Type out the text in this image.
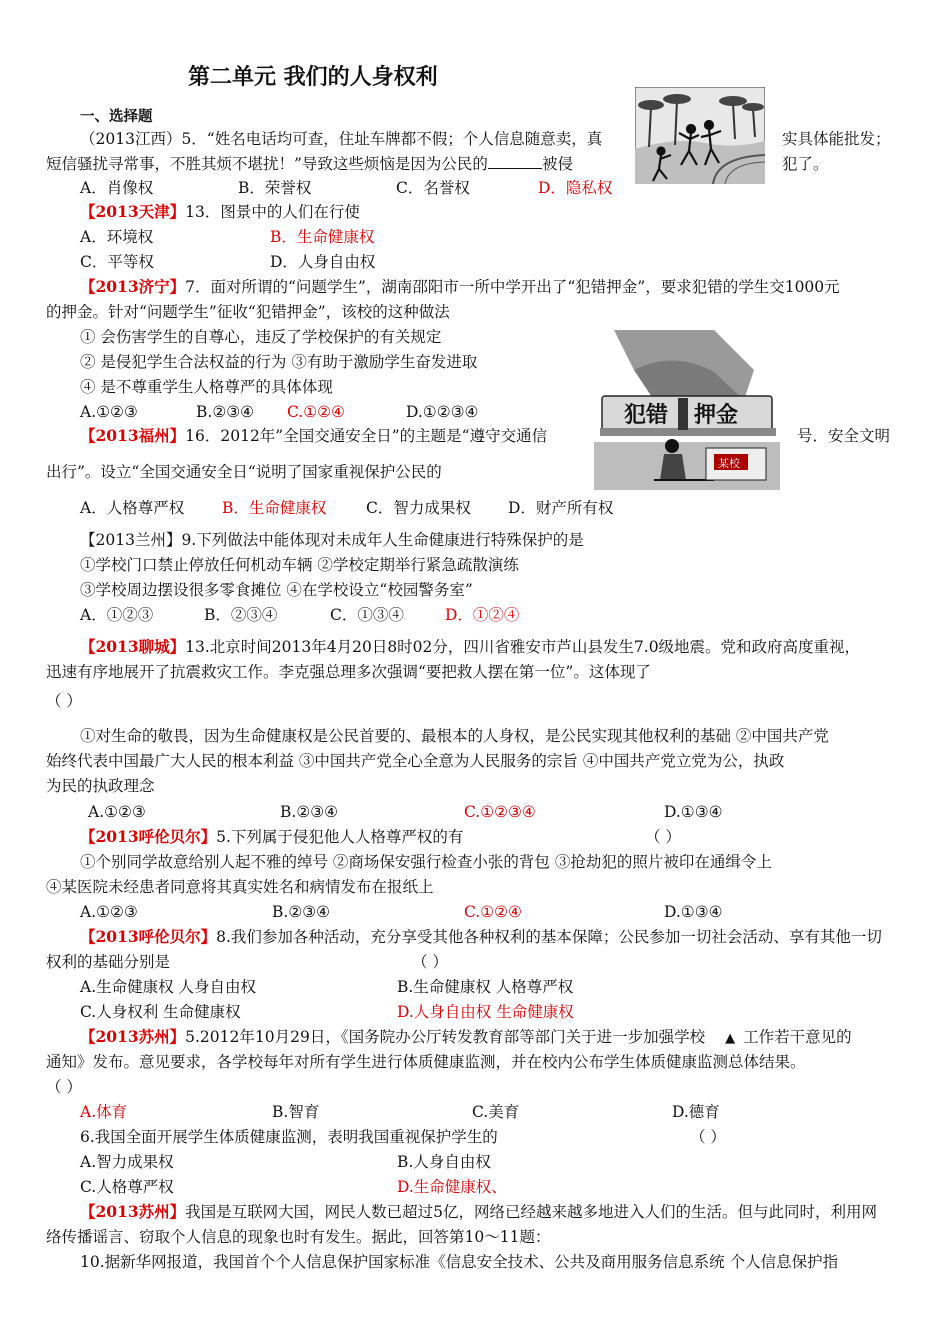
第二单元 我们的人身权利
一、选择题
（2013江西）5．“姓名电话均可查，住址车牌都不假；个人信息随意卖，真	实具体能批发；
短信骚扰寻常事，不胜其烦不堪扰！”导致这些烦恼是因为公民的	被侵	犯了。
A．肖像权	B．荣誉权	C．名誉权	D．隐私权
【2013天津】13．图景中的人们在行使
A．环境权	B．生命健康权
C．平等权	D．人身自由权
【2013济宁】7．面对所谓的“问题学生”，湖南邵阳市一所中学开出了“犯错押金”，要求犯错的学生交1000元
的押金。针对“问题学生”征收“犯错押金”，该校的这种做法
① 会伤害学生的自尊心，违反了学校保护的有关规定
② 是侵犯学生合法权益的行为 ③有助于激励学生奋发进取
④ 是不尊重学生人格尊严的具体体现
A.①②③	B.②③④ C.①②④	D.①②③④	犯错 押金
某校
【2013福州】16．2012年”全国交通安全日”的主题是“遵守交通信	号．安全文明
出行”。设立“全国交通安全日“说明了国家重视保护公民的
A．人格尊严权 B．生命健康权	C．智力成果权 D．财产所有权
【2013兰州】9.下列做法中能体现对未成年人生命健康进行特殊保护的是
①学校门口禁止停放任何机动车辆 ②学校定期举行紧急疏散演练
③学校周边摆设很多零食摊位 ④在学校设立“校园警务室”
A．①②③	B．②③④	C．①③④	D．①②④
【2013聊城】13.北京时间2013年4月20日8时02分，四川省雅安市芦山县发生7.0级地震。党和政府高度重视，
迅速有序地展开了抗震救灾工作。李克强总理多次强调“要把救人摆在第一位”。这体现了
（ ）
①对生命的敬畏，因为生命健康权是公民首要的、最根本的人身权，是公民实现其他权利的基础 ②中国共产党
始终代表中国最广大人民的根本利益 ③中国共产党全心全意为人民服务的宗旨 ④中国共产党立党为公，执政
为民的执政理念
A.①②③	B.②③④	C.①②③④	D.①③④
【2013呼伦贝尔】5.下列属于侵犯他人人格尊严权的有	（ ）
①个别同学故意给别人起不雅的绰号 ②商场保安强行检查小张的背包 ③抢劫犯的照片被印在通缉令上
④某医院未经患者同意将其真实姓名和病情发布在报纸上
A.①②③	B.②③④	C.①②④	D.①③④
【2013呼伦贝尔】8.我们参加各种活动，充分享受其他各种权利的基本保障；公民参加一切社会活动、享有其他一切
权利的基础分别是	（ ）
A.生命健康权 人身自由权	B.生命健康权 人格尊严权
C.人身权利 生命健康权	D.人身自由权 生命健康权
【2013苏州】5.2012年10月29日，《国务院办公厅转发教育部等部门关于进一步加强学校 ▲ 工作若干意见的
通知》发布。意见要求，各学校每年对所有学生进行体质健康监测，并在校内公布学生体质健康监测总体结果。
（ ）
A.体育	B.智育	C.美育	D.德育
6.我国全面开展学生体质健康监测，表明我国重视保护学生的	（ ）
A.智力成果权	B.人身自由权
C.人格尊严权	D.生命健康权、
【2013苏州】我国是互联网大国，网民人数已超过5亿，网络已经越来越多地进入人们的生活。但与此同时，利用网
络传播谣言、窃取个人信息的现象也时有发生。据此，回答第10～11题：
10.据新华网报道，我国首个个人信息保护国家标准《信息安全技术、公共及商用服务信息系统 个人信息保护指
